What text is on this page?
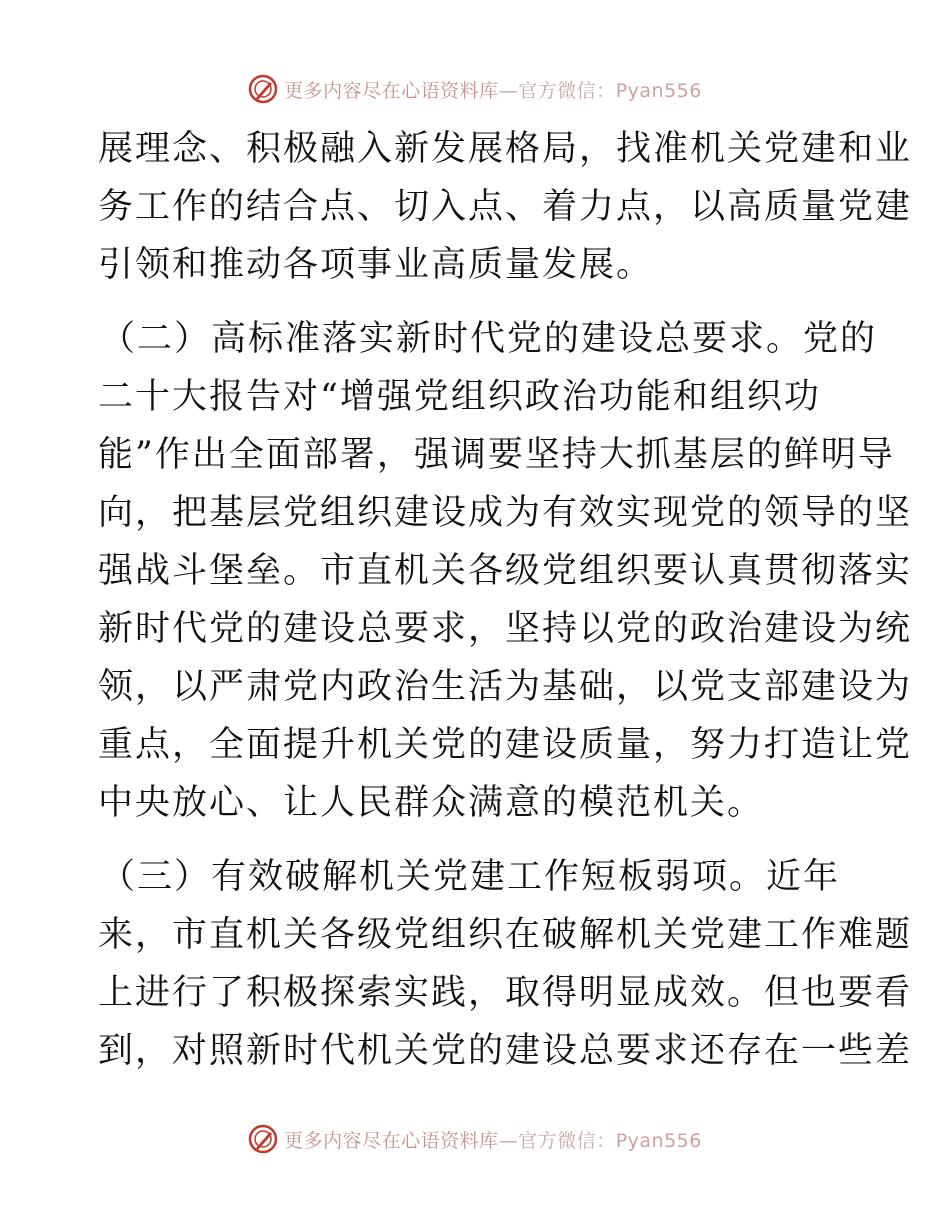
更多内容尽在心语资料库—官方微信：Pyan556
展理念、积极融入新发展格局，找准机关党建和业
务工作的结合点、切入点、着力点，以高质量党建
引领和推动各项事业高质量发展。
（二）高标准落实新时代党的建设总要求。党的
二十大报告对“增强党组织政治功能和组织功
能”作出全面部署，强调要坚持大抓基层的鲜明导
向，把基层党组织建设成为有效实现党的领导的坚
强战斗堡垒。市直机关各级党组织要认真贯彻落实
新时代党的建设总要求，坚持以党的政治建设为统
领，以严肃党内政治生活为基础，以党支部建设为
重点，全面提升机关党的建设质量，努力打造让党
中央放心、让人民群众满意的模范机关。
（三）有效破解机关党建工作短板弱项。近年
来，市直机关各级党组织在破解机关党建工作难题
上进行了积极探索实践，取得明显成效。但也要看
到，对照新时代机关党的建设总要求还存在一些差
更多内容尽在心语资料库—官方微信：Pyan556
